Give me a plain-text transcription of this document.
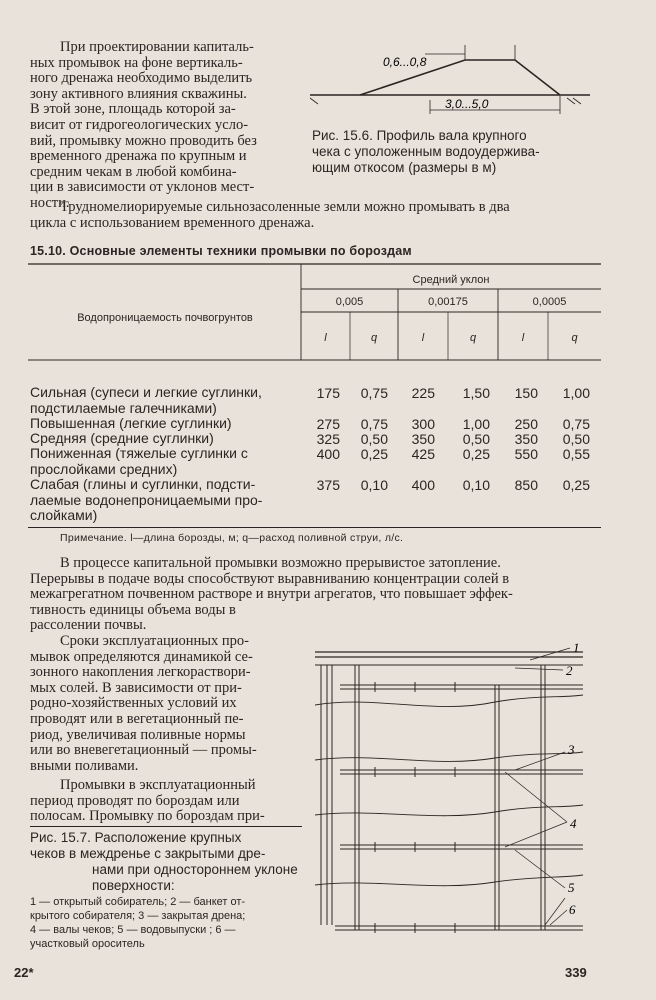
При проектировании капиталь-
ных промывок на фоне вертикаль-
ного дренажа необходимо выделить
зону активного влияния скважины.
В этой зоне, площадь которой за-
висит от гидрогеологических усло-
вий, промывку можно проводить без
временного дренажа по крупным и
средним чекам в любой комбина-
ции в зависимости от уклонов мест-
ности.
0,6...0,8
3,0...5,0
Рис. 15.6. Профиль вала крупного
чека с уположенным водоудержива-
ющим откосом (размеры в м)
Трудномелиорируемые сильнозасоленные земли можно промывать в два
цикла с использованием временного дренажа.
15.10. Основные элементы техники промывки по бороздам
Водопроницаемость почвогрунтов
Средний уклон
0,005	0,00175	0,0005
l	q	l	q	l	q
Сильная (супеси и легкие суглинки,
подстилаемые галечниками)
175	0,75	225	1,50	150	1,00
Повышенная (легкие суглинки)	275	0,75	300	1,00	250	0,75
Средняя (средние суглинки)	325	0,50	350	0,50	350	0,50
Пониженная (тяжелые суглинки с
прослойками средних)
400	0,25	425	0,25	550	0,55
Слабая (глины и суглинки, подсти-
лаемые водонепроницаемыми про-
слойками)
375	0,10	400	0,10	850	0,25
Примечание. l—длина борозды, м; q—расход поливной струи, л/с.
В процессе капитальной промывки возможно прерывистое затопление.
Перерывы в подаче воды способствуют выравниванию концентрации солей в
межагрегатном почвенном растворе и внутри агрегатов, что повышает эффек-
тивность единицы объема воды в
рассолении почвы.
Сроки эксплуатационных про-
мывок определяются динамикой се-
зонного накопления легкораствори-
мых солей. В зависимости от при-
родно-хозяйственных условий их
проводят или в вегетационный пе-
риод, увеличивая поливные нормы
или во вневегетационный — промы-
вными поливами.
Промывки в эксплуатационный
период проводят по бороздам или
полосам. Промывку по бороздам при-
Рис. 15.7. Расположение крупных
чеков в междренье с закрытыми дре-
нами при одностороннем уклоне
поверхности:
1 — открытый собиратель; 2 — банкет от-
крытого собирателя; 3 — закрытая дрена;
4 — валы чеков; 5 — водовыпуски ; 6 —
участковый ороситель
1
2
3
4
5
6
22*	339
